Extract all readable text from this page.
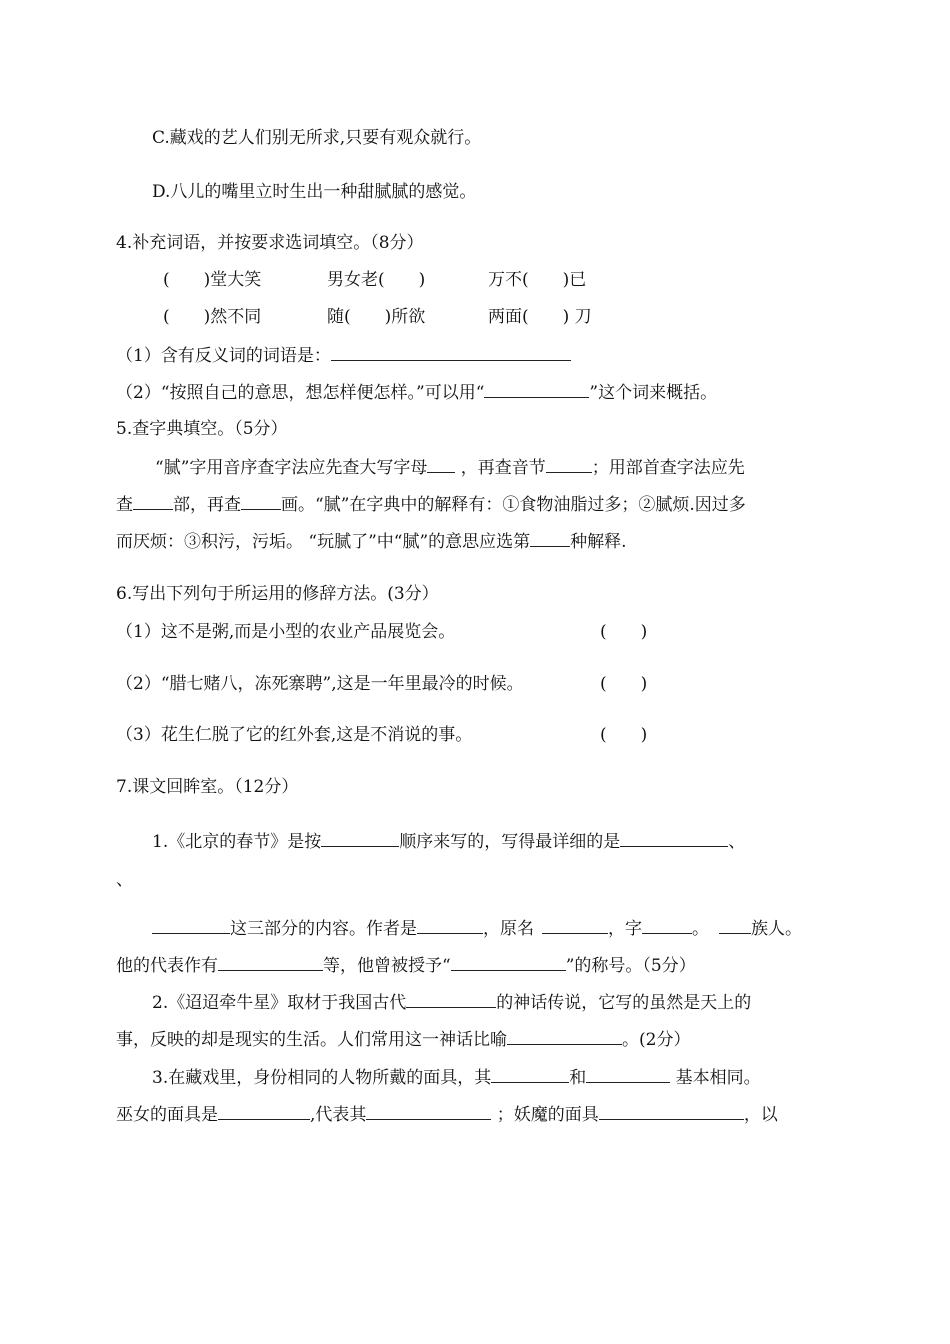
C.藏戏的艺人们别无所求,只要有观众就行。
D.八儿的嘴里立时生出一种甜腻腻的感觉。
4.补充词语，并按要求选词填空。（8分）
(　　)堂大笑	男女老(　　)	万不(　　)已
(　　)然不同	随(　　)所欲	两面(　　) 刀
（1）含有反义词的词语是：
（2）“按照自己的意思，想怎样便怎样。”可以用“	”这个词来概括。
5.查字典填空。（5分）
“腻”字用音序查字法应先查大写字母 ，再查音节	；用部首查字法应先
查 部，再查 画。“腻”在字典中的解释有：①食物油脂过多；②腻烦.因过多
而厌烦：③积污，污垢。 “玩腻了”中“腻”的意思应选第 种解释.
6.写出下列句于所运用的修辞方法。(3分）
（1）这不是粥,而是小型的农业产品展览会。	(　　)
（2）“腊七赌八，冻死寨聘”,这是一年里最冷的时候。	(　　)
（3）花生仁脱了它的红外套,这是不消说的事。	(　　)
7.课文回眸室。（12分）
1.《北京的春节》是按	顺序来写的，写得最详细的是	、
、
这三部分的内容。作者是	，原名	，字	。 族人。
他的代表作有	等，他曾被授予“	”的称号。（5分）
2.《迢迢牵牛星》取材于我国古代	的神话传说，它写的虽然是天上的
事，反映的却是现实的生活。人们常用这一神话比喻	。(2分）
3.在藏戏里，身份相同的人物所戴的面具，其	和	基本相同。
巫女的面具是	,代表其	；妖魔的面具	，以
